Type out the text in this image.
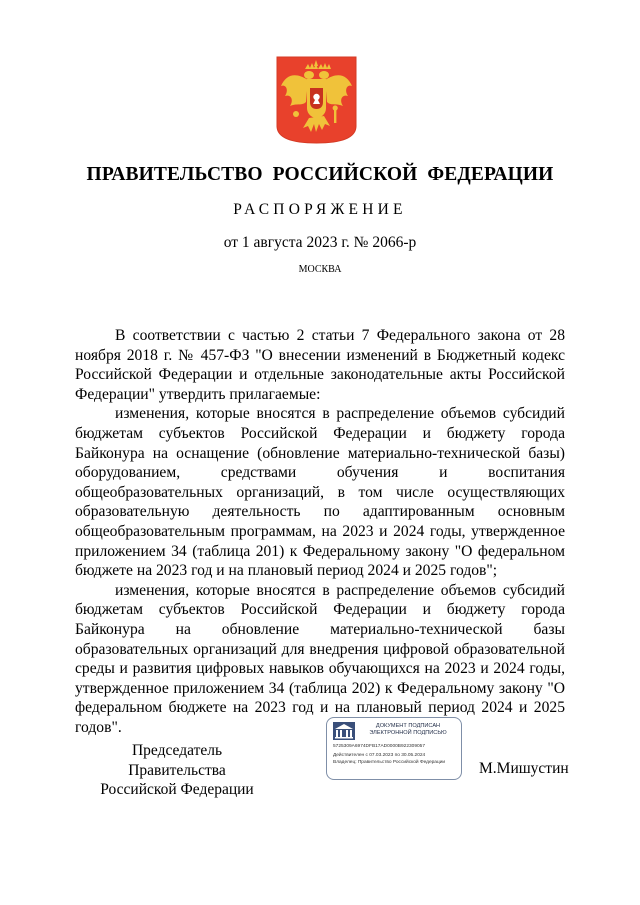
ПРАВИТЕЛЬСТВО РОССИЙСКОЙ ФЕДЕРАЦИИ
РАСПОРЯЖЕНИЕ
от 1 августа 2023 г. № 2066-р
МОСКВА

В соответствии с частью 2 статьи 7 Федерального закона от 28 ноября 2018 г. № 457-ФЗ "О внесении изменений в Бюджетный кодекс Российской Федерации и отдельные законодательные акты Российской Федерации" утвердить прилагаемые:

изменения, которые вносятся в распределение объемов субсидий бюджетам субъектов Российской Федерации и бюджету города Байконура на оснащение (обновление материально-технической базы) оборудованием, средствами обучения и воспитания общеобразовательных организаций, в том числе осуществляющих образовательную деятельность по адаптированным основным общеобразовательным программам, на 2023 и 2024 годы, утвержденное приложением 34 (таблица 201) к Федеральному закону "О федеральном бюджете на 2023 год и на плановый период 2024 и 2025 годов";

изменения, которые вносятся в распределение объемов субсидий бюджетам субъектов Российской Федерации и бюджету города Байконура на обновление материально-технической базы образовательных организаций для внедрения цифровой образовательной среды и развития цифровых навыков обучающихся на 2023 и 2024 годы, утвержденное приложением 34 (таблица 202) к Федеральному закону "О федеральном бюджете на 2023 год и на плановый период 2024 и 2025 годов".

Председатель Правительства
Российской Федерации
ДОКУМЕНТ ПОДПИСАН
ЭЛЕКТРОННОЙ ПОДПИСЬЮ
5725309A6974DFB17AD0000B922309057
Действителен с 07.03.2023 по 30.05.2024
Владелец: Правительство Российской Федерации	М.Мишустин
